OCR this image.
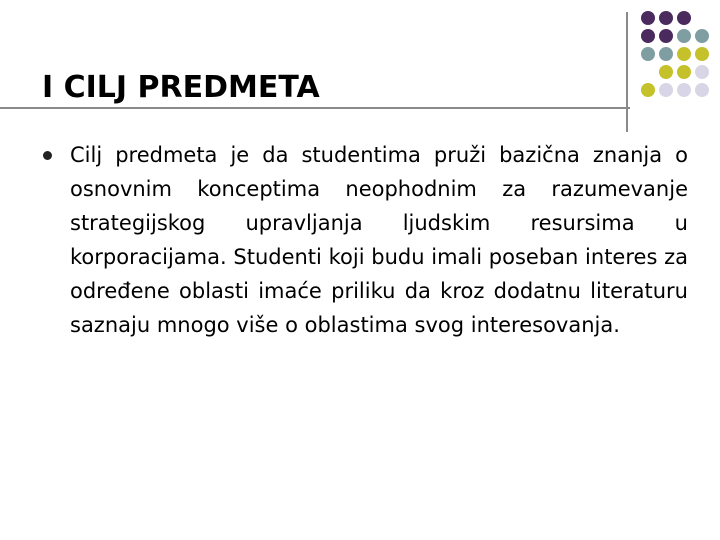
I CILJ PREDMETA
Cilj predmeta je da studentima pruži bazična znanja o osnovnim konceptima neophodnim za razumevanje strategijskog upravljanja ljudskim resursima u korporacijama. Studenti koji budu imali poseban interes za određene oblasti imaće priliku da kroz dodatnu literaturu saznaju mnogo više o oblastima svog interesovanja.
